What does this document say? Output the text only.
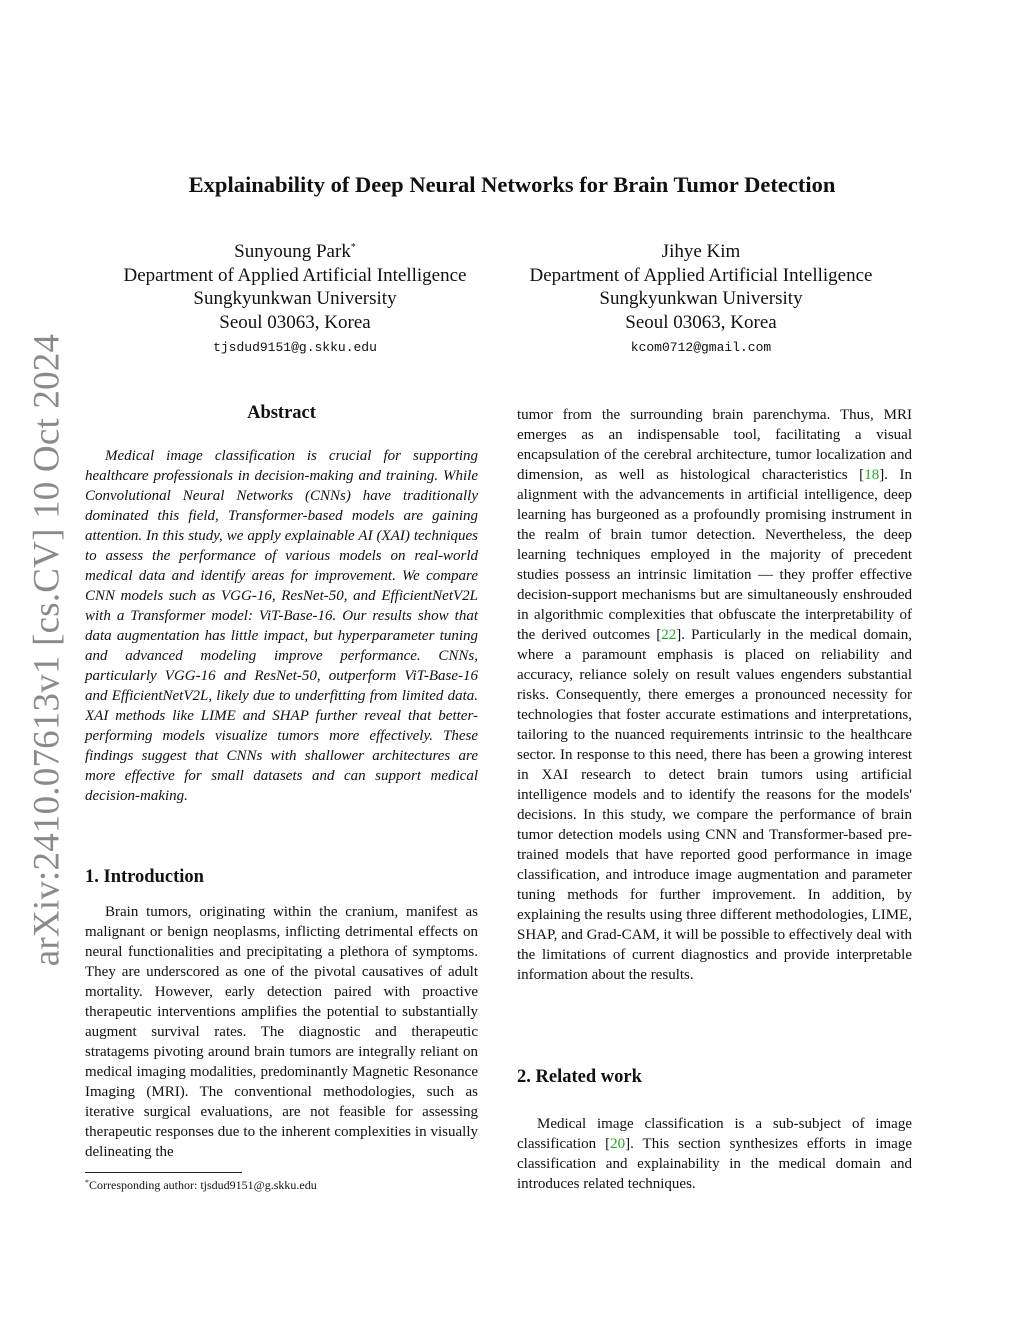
arXiv:2410.07613v1 [cs.CV] 10 Oct 2024
Explainability of Deep Neural Networks for Brain Tumor Detection
Sunyoung Park*
Department of Applied Artificial Intelligence
Sungkyunkwan University
Seoul 03063, Korea
tjsdud9151@g.skku.edu
Jihye Kim
Department of Applied Artificial Intelligence
Sungkyunkwan University
Seoul 03063, Korea
kcom0712@gmail.com
Abstract

Medical image classification is crucial for supporting healthcare professionals in decision-making and training. While Convolutional Neural Networks (CNNs) have traditionally dominated this field, Transformer-based models are gaining attention. In this study, we apply explainable AI (XAI) techniques to assess the performance of various models on real-world medical data and identify areas for improvement. We compare CNN models such as VGG-16, ResNet-50, and EfficientNetV2L with a Transformer model: ViT-Base-16. Our results show that data augmentation has little impact, but hyperparameter tuning and advanced modeling improve performance. CNNs, particularly VGG-16 and ResNet-50, outperform ViT-Base-16 and EfficientNetV2L, likely due to underfitting from limited data. XAI methods like LIME and SHAP further reveal that better-performing models visualize tumors more effectively. These findings suggest that CNNs with shallower architectures are more effective for small datasets and can support medical decision-making.

1. Introduction

Brain tumors, originating within the cranium, manifest as malignant or benign neoplasms, inflicting detrimental effects on neural functionalities and precipitating a plethora of symptoms. They are underscored as one of the pivotal causatives of adult mortality. However, early detection paired with proactive therapeutic interventions amplifies the potential to substantially augment survival rates. The diagnostic and therapeutic stratagems pivoting around brain tumors are integrally reliant on medical imaging modalities, predominantly Magnetic Resonance Imaging (MRI). The conventional methodologies, such as iterative surgical evaluations, are not feasible for assessing therapeutic responses due to the inherent complexities in visually delineating the

tumor from the surrounding brain parenchyma. Thus, MRI emerges as an indispensable tool, facilitating a visual encapsulation of the cerebral architecture, tumor localization and dimension, as well as histological characteristics [18]. In alignment with the advancements in artificial intelligence, deep learning has burgeoned as a profoundly promising instrument in the realm of brain tumor detection. Nevertheless, the deep learning techniques employed in the majority of precedent studies possess an intrinsic limitation — they proffer effective decision-support mechanisms but are simultaneously enshrouded in algorithmic complexities that obfuscate the interpretability of the derived outcomes [22]. Particularly in the medical domain, where a paramount emphasis is placed on reliability and accuracy, reliance solely on result values engenders substantial risks. Consequently, there emerges a pronounced necessity for technologies that foster accurate estimations and interpretations, tailoring to the nuanced requirements intrinsic to the healthcare sector. In response to this need, there has been a growing interest in XAI research to detect brain tumors using artificial intelligence models and to identify the reasons for the models' decisions. In this study, we compare the performance of brain tumor detection models using CNN and Transformer-based pre-trained models that have reported good performance in image classification, and introduce image augmentation and parameter tuning methods for further improvement. In addition, by explaining the results using three different methodologies, LIME, SHAP, and Grad-CAM, it will be possible to effectively deal with the limitations of current diagnostics and provide interpretable information about the results.

2. Related work

Medical image classification is a sub-subject of image classification [20]. This section synthesizes efforts in image classification and explainability in the medical domain and introduces related techniques.

*Corresponding author: tjsdud9151@g.skku.edu
